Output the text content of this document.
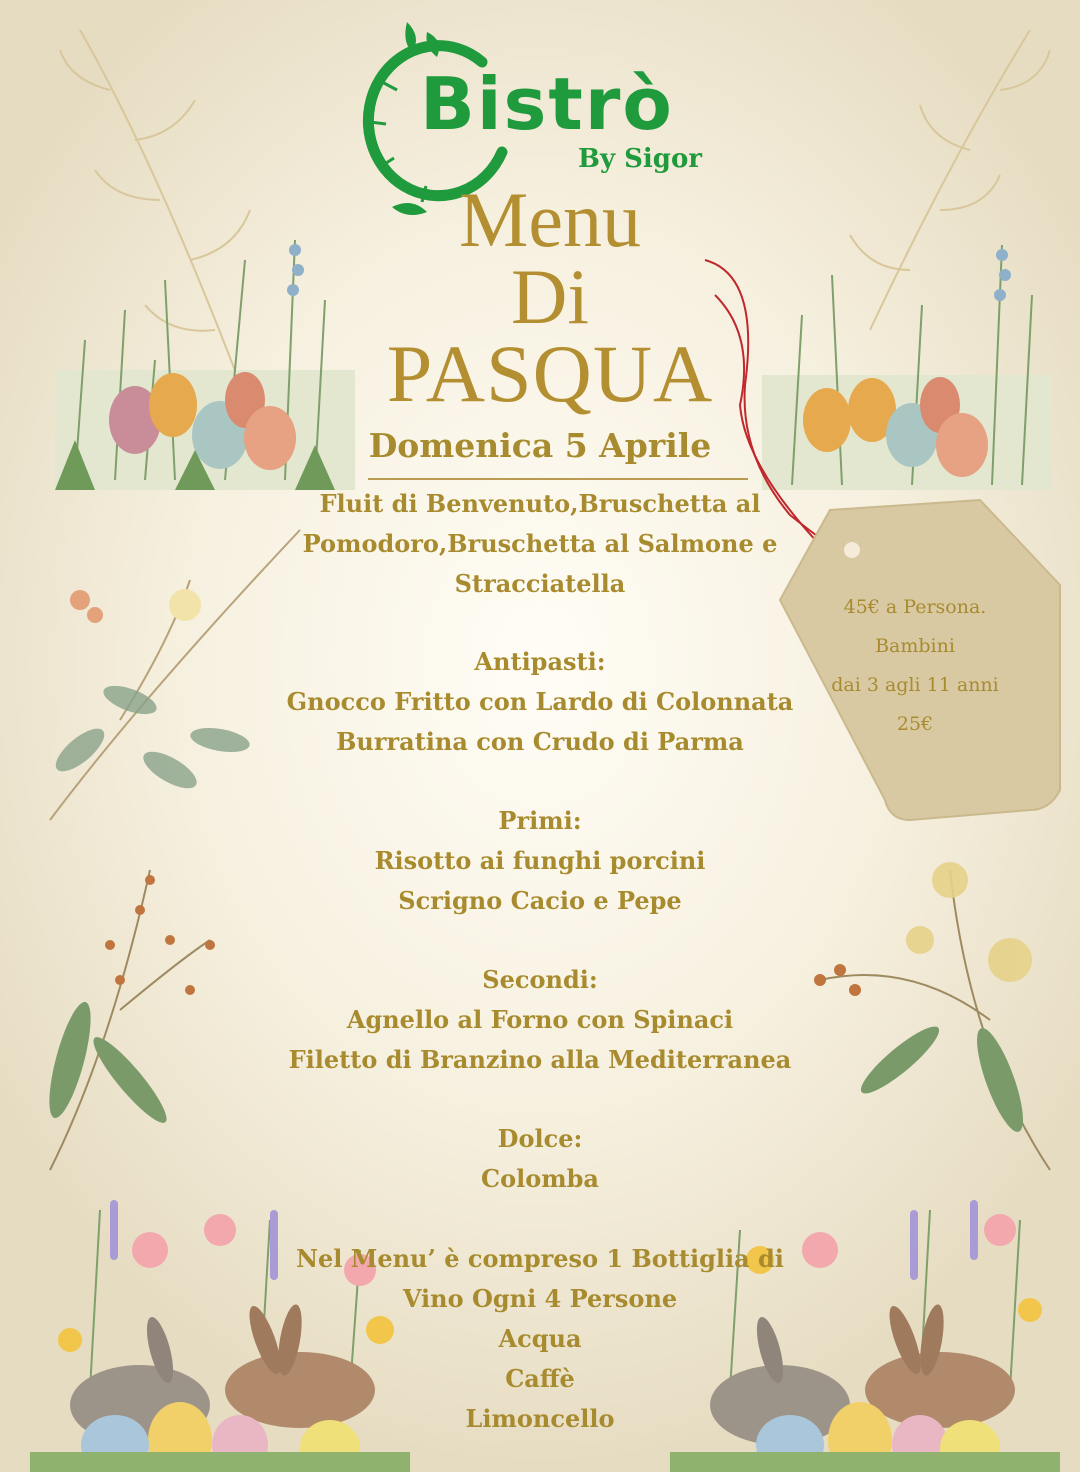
Bistrò
By Sigor
Menu
Di
PASQUA
Domenica 5 Aprile
45€ a Persona.
Bambini
dai 3 agli 11 anni
25€
Fluit di Benvenuto,Bruschetta al
Pomodoro,Bruschetta al Salmone e
Stracciatella
Antipasti:
Gnocco Fritto con Lardo di Colonnata
Burratina con Crudo di Parma
Primi:
Risotto ai funghi porcini
Scrigno Cacio e Pepe
Secondi:
Agnello al Forno con Spinaci
Filetto di Branzino alla Mediterranea
Dolce:
Colomba
Nel Menu’ è compreso 1 Bottiglia di
Vino Ogni 4 Persone
Acqua
Caffè
Limoncello
